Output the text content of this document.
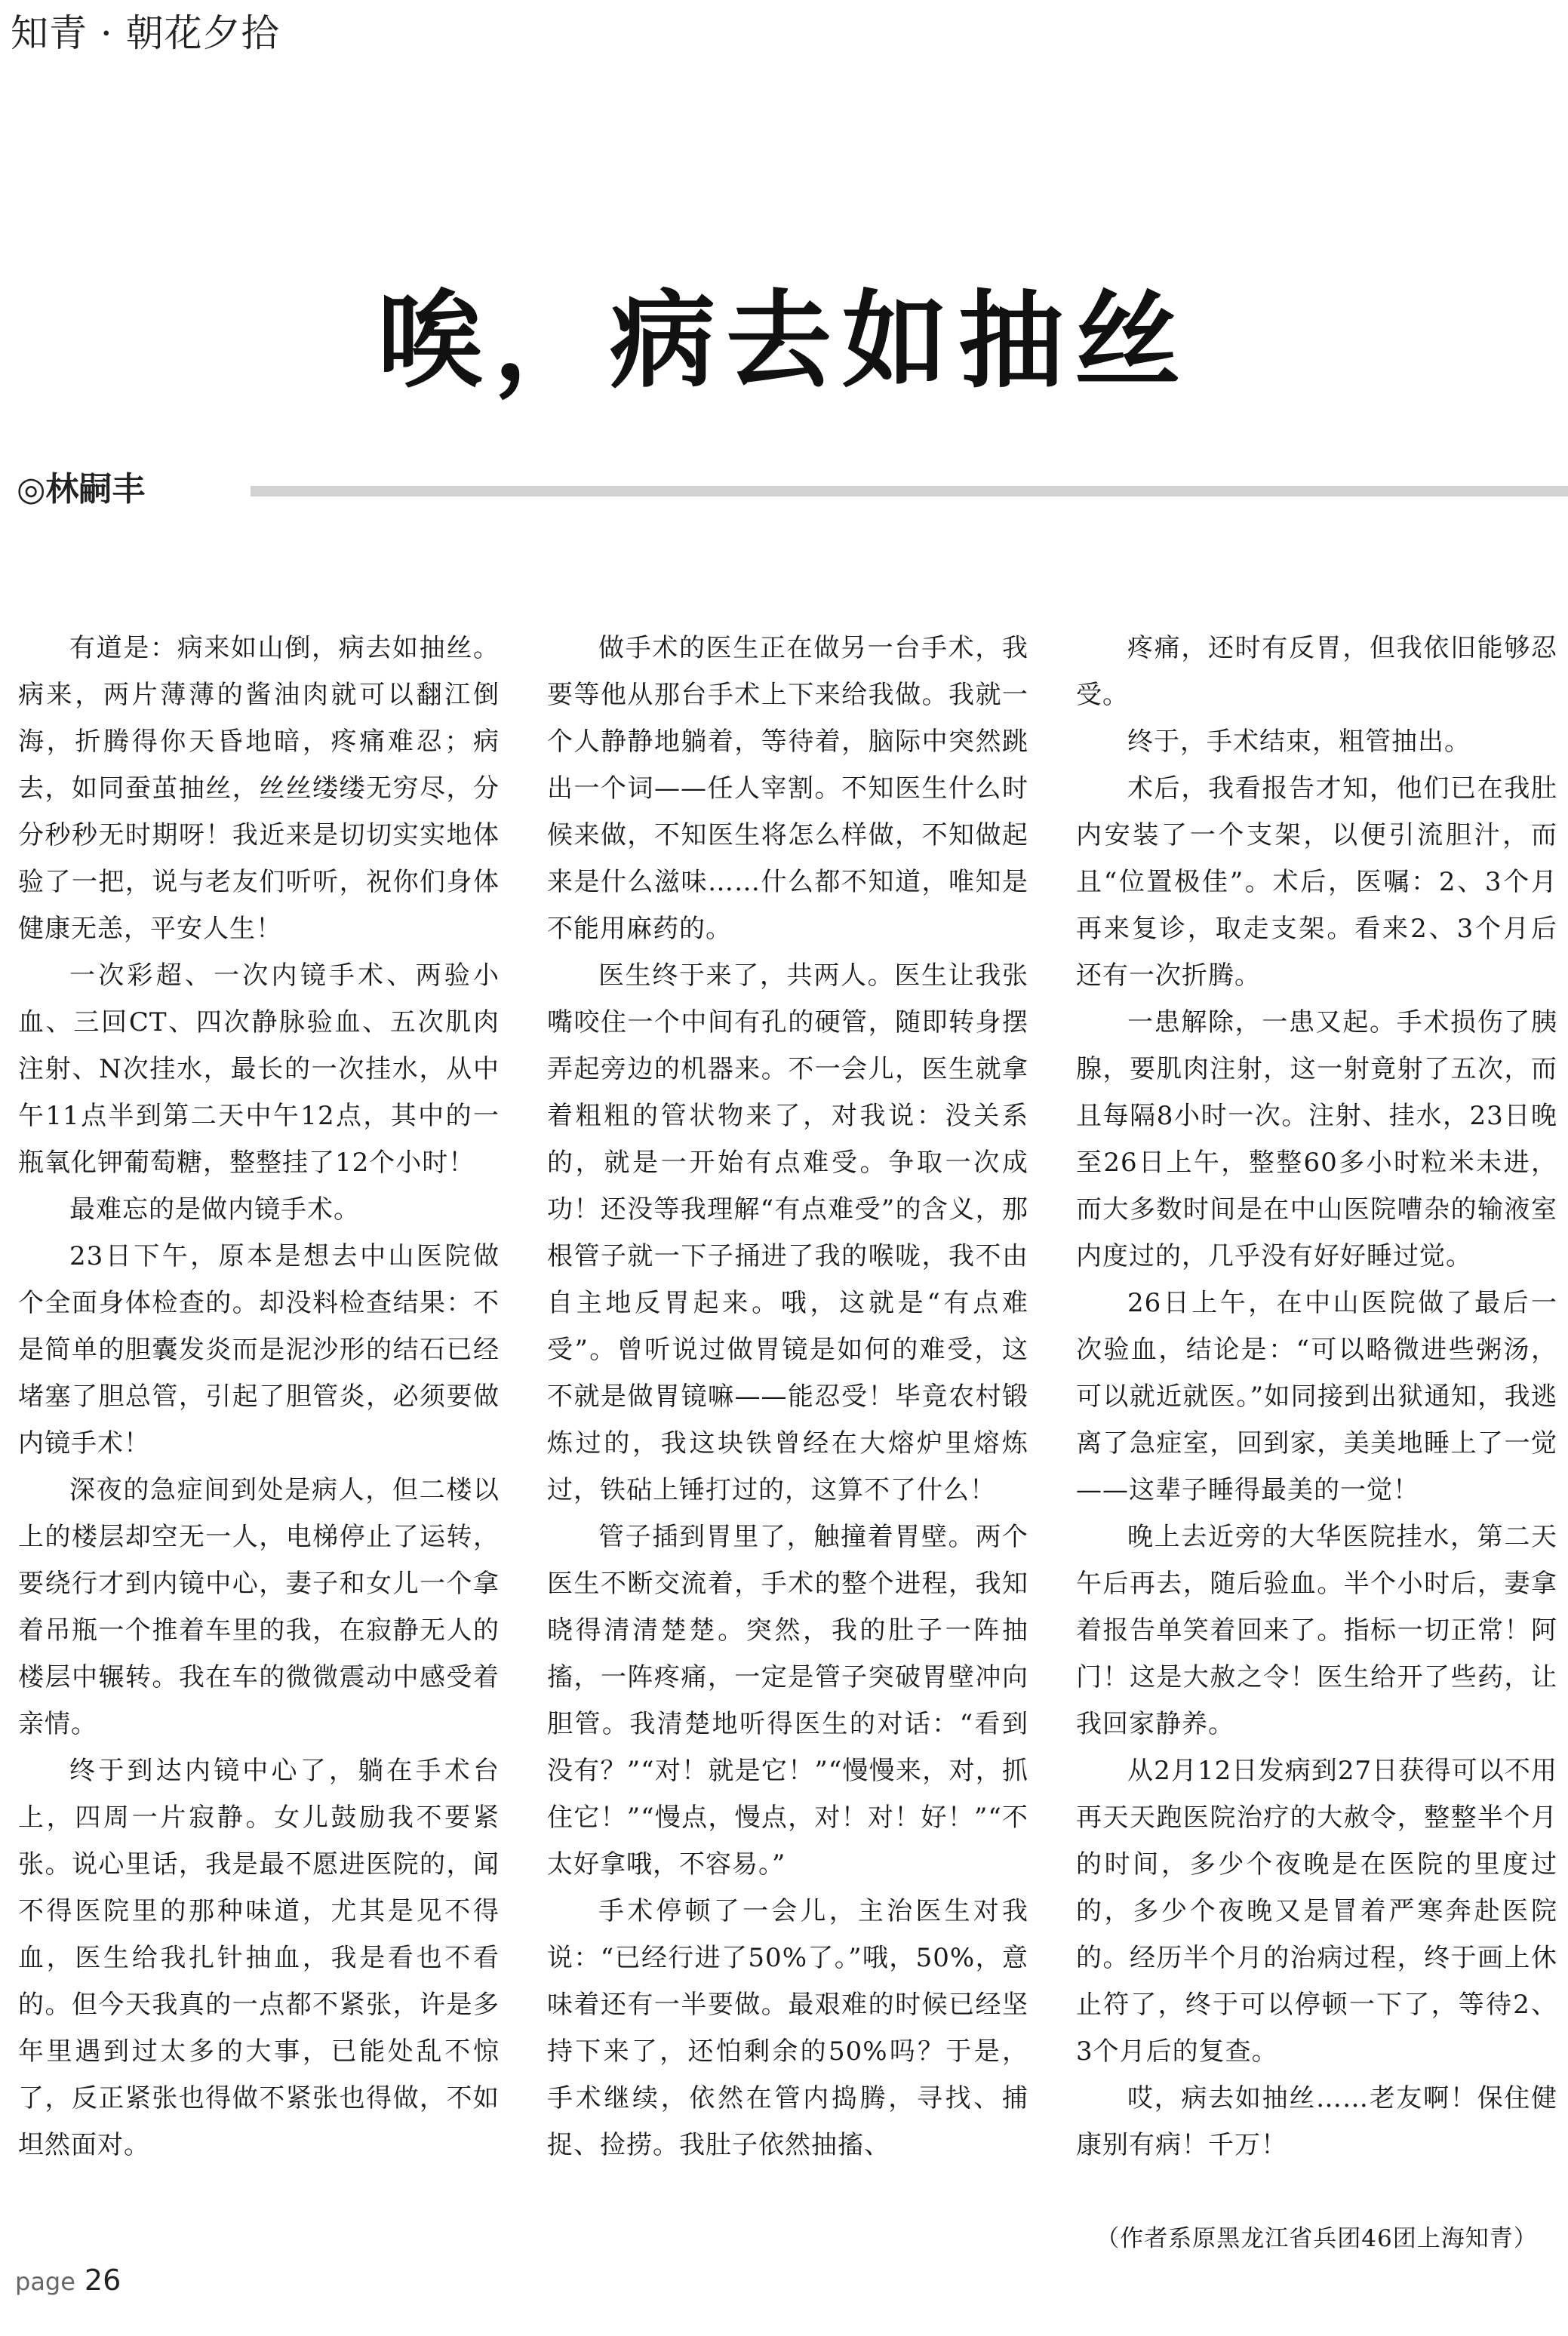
知青 · 朝花夕拾
唉，病去如抽丝
◎林嗣丰

有道是：病来如山倒，病去如抽丝。病来，两片薄薄的酱油肉就可以翻江倒海，折腾得你天昏地暗，疼痛难忍；病去，如同蚕茧抽丝，丝丝缕缕无穷尽，分分秒秒无时期呀！我近来是切切实实地体验了一把，说与老友们听听，祝你们身体健康无恙，平安人生！

一次彩超、一次内镜手术、两验小血、三回CT、四次静脉验血、五次肌肉注射、N次挂水，最长的一次挂水，从中午11点半到第二天中午12点，其中的一瓶氧化钾葡萄糖，整整挂了12个小时！

最难忘的是做内镜手术。

23日下午，原本是想去中山医院做个全面身体检查的。却没料检查结果：不是简单的胆囊发炎而是泥沙形的结石已经堵塞了胆总管，引起了胆管炎，必须要做内镜手术！

深夜的急症间到处是病人，但二楼以上的楼层却空无一人，电梯停止了运转，要绕行才到内镜中心，妻子和女儿一个拿着吊瓶一个推着车里的我，在寂静无人的楼层中辗转。我在车的微微震动中感受着亲情。

终于到达内镜中心了，躺在手术台上，四周一片寂静。女儿鼓励我不要紧张。说心里话，我是最不愿进医院的，闻不得医院里的那种味道，尤其是见不得血，医生给我扎针抽血，我是看也不看的。但今天我真的一点都不紧张，许是多年里遇到过太多的大事，已能处乱不惊了，反正紧张也得做不紧张也得做，不如坦然面对。

做手术的医生正在做另一台手术，我要等他从那台手术上下来给我做。我就一个人静静地躺着，等待着，脑际中突然跳出一个词——任人宰割。不知医生什么时候来做，不知医生将怎么样做，不知做起来是什么滋味……什么都不知道，唯知是不能用麻药的。

医生终于来了，共两人。医生让我张嘴咬住一个中间有孔的硬管，随即转身摆弄起旁边的机器来。不一会儿，医生就拿着粗粗的管状物来了，对我说：没关系的，就是一开始有点难受。争取一次成功！还没等我理解“有点难受”的含义，那根管子就一下子捅进了我的喉咙，我不由自主地反胃起来。哦，这就是“有点难受”。曾听说过做胃镜是如何的难受，这不就是做胃镜嘛——能忍受！毕竟农村锻炼过的，我这块铁曾经在大熔炉里熔炼过，铁砧上锤打过的，这算不了什么！

管子插到胃里了，触撞着胃壁。两个医生不断交流着，手术的整个进程，我知晓得清清楚楚。突然，我的肚子一阵抽搐，一阵疼痛，一定是管子突破胃壁冲向胆管。我清楚地听得医生的对话：“看到没有？”“对！就是它！”“慢慢来，对，抓住它！”“慢点，慢点，对！对！好！”“不太好拿哦，不容易。”

手术停顿了一会儿，主治医生对我说：“已经行进了50%了。”哦，50%，意味着还有一半要做。最艰难的时候已经坚持下来了，还怕剩余的50%吗？于是，手术继续，依然在管内捣腾，寻找、捕捉、捡捞。我肚子依然抽搐、

疼痛，还时有反胃，但我依旧能够忍受。

终于，手术结束，粗管抽出。

术后，我看报告才知，他们已在我肚内安装了一个支架，以便引流胆汁，而且“位置极佳”。术后，医嘱：2、3个月再来复诊，取走支架。看来2、3个月后还有一次折腾。

一患解除，一患又起。手术损伤了胰腺，要肌肉注射，这一射竟射了五次，而且每隔8小时一次。注射、挂水，23日晚至26日上午，整整60多小时粒米未进，而大多数时间是在中山医院嘈杂的输液室内度过的，几乎没有好好睡过觉。

26日上午，在中山医院做了最后一次验血，结论是：“可以略微进些粥汤，可以就近就医。”如同接到出狱通知，我逃离了急症室，回到家，美美地睡上了一觉——这辈子睡得最美的一觉！

晚上去近旁的大华医院挂水，第二天午后再去，随后验血。半个小时后，妻拿着报告单笑着回来了。指标一切正常！阿门！这是大赦之令！医生给开了些药，让我回家静养。

从2月12日发病到27日获得可以不用再天天跑医院治疗的大赦令，整整半个月的时间，多少个夜晚是在医院的里度过的，多少个夜晚又是冒着严寒奔赴医院的。经历半个月的治病过程，终于画上休止符了，终于可以停顿一下了，等待2、3个月后的复查。

哎，病去如抽丝……老友啊！保住健康别有病！千万！

（作者系原黑龙江省兵团46团上海知青）

page 26
